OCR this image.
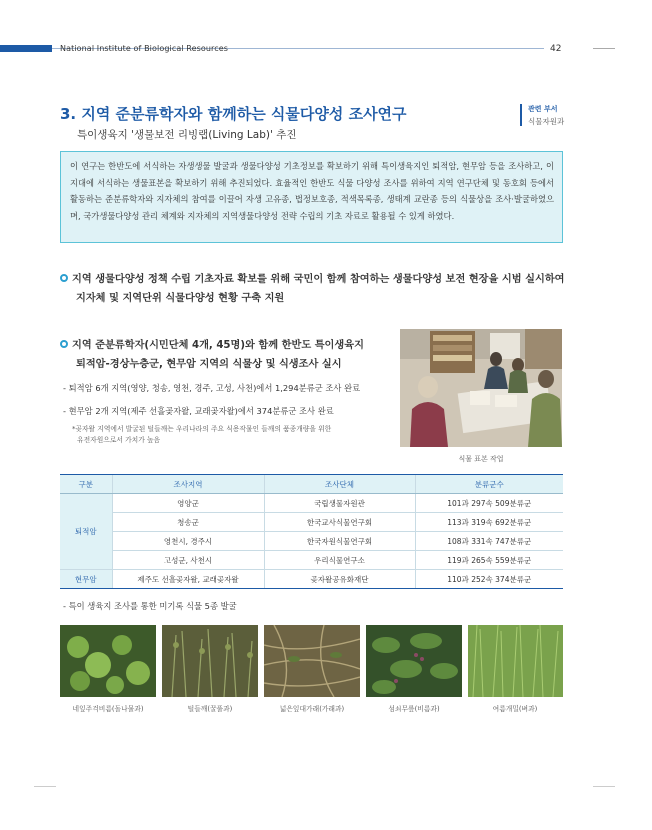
National Institute of Biological Resources	42
3. 지역 준분류학자와 함께하는 식물다양성 조사연구
특이생육지 '생물보전 리빙랩(Living Lab)' 추진
관련 부서
식물자원과

이 연구는 한반도에 서식하는 자생생물 발굴과 생물다양성 기초정보를 확보하기 위해 특이생육지인 퇴적암, 현무암 등을 조사하고, 이 지대에 서식하는 생물표본을 확보하기 위해 추진되었다. 효율적인 한반도 식물 다양성 조사를 위하여 지역 연구단체 및 동호회 등에서 활동하는 준분류학자와 지자체의 참여를 이끌어 자생 고유종, 법정보호종, 적색목록종, 생태계 교란종 등의 식물상을 조사·발굴하였으며, 국가생물다양성 관리 체계와 지자체의 지역생물다양성 전략 수립의 기초 자료로 활용될 수 있게 하였다.

지역 생물다양성 정책 수립 기초자료 확보를 위해 국민이 함께 참여하는 생물다양성 보전 현장을 시범 실시하여
지자체 및 지역단위 식물다양성 현황 구축 지원
지역 준분류학자(시민단체 4개, 45명)와 함께 한반도 특이생육지
퇴적암-경상누층군, 현무암 지역의 식물상 및 식생조사 실시
- 퇴적암 6개 지역(영양, 청송, 영천, 경주, 고성, 사천)에서 1,294분류군 조사 완료
- 현무암 2개 지역(제주 선흘곶자왈, 교래곶자왈)에서 374분류군 조사 완료
*곶자왈 지역에서 발굴된 털들깨는 우리나라의 주요 식용작물인 들깨의 품종개량을 위한
유전자원으로서 가치가 높음
식물 표본 작업
구분	조사지역	조사단체	분류군수
퇴적암	영양군	국립생물자원관	101과 297속 509분류군
	청송군	한국교사식물연구회	113과 319속 692분류군
	영천시, 경주시	한국자원식물연구회	108과 331속 747분류군
	고성군, 사천시	우리식물연구소	119과 265속 559분류군
현무암	제주도 선흘곶자왈, 교래곶자왈	곶자왈공유화재단	110과 252속 374분류군
- 특이 생육지 조사를 통한 미기록 식물 5종 발굴
네잎주걱비름(돌나물과)	털들깨(꿀풀과)	넓은잎대가래(가래과)	섬쇠무릎(비름과)	여름개밀(벼과)
